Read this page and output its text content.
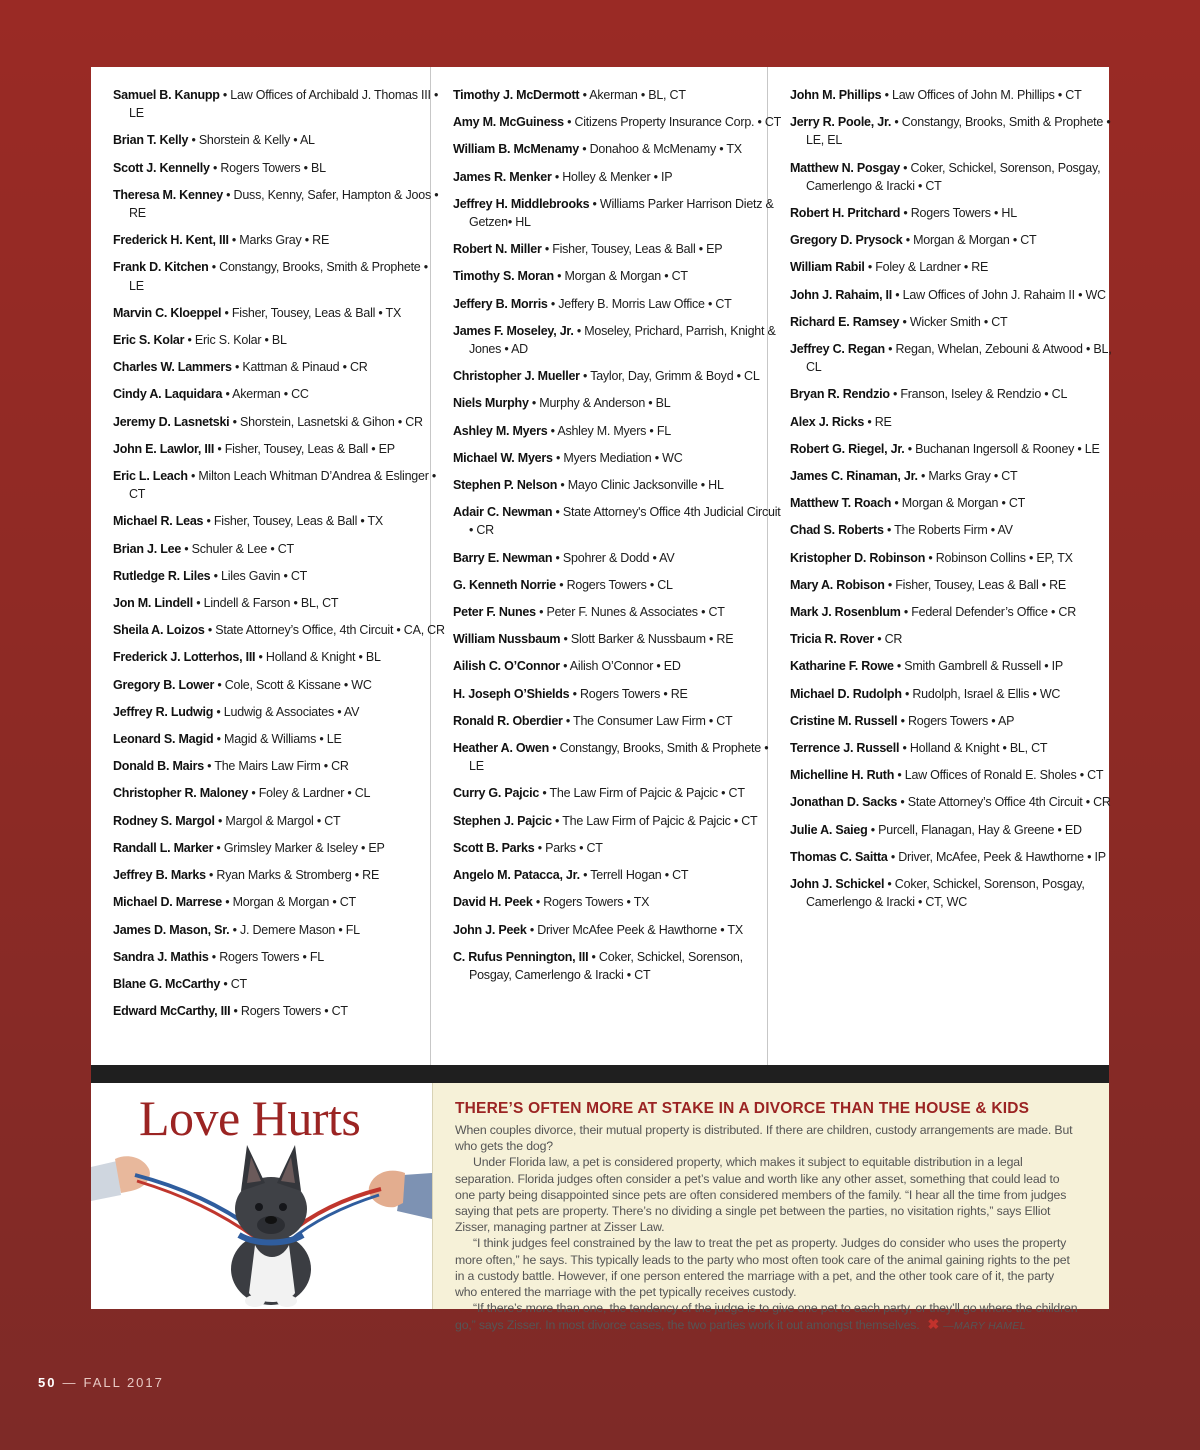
Samuel B. Kanupp • Law Offices of Archibald J. Thomas III • LE
Brian T. Kelly • Shorstein & Kelly • AL
Scott J. Kennelly • Rogers Towers • BL
Theresa M. Kenney • Duss, Kenny, Safer, Hampton & Joos • RE
Frederick H. Kent, III • Marks Gray • RE
Frank D. Kitchen • Constangy, Brooks, Smith & Prophete • LE
Marvin C. Kloeppel • Fisher, Tousey, Leas & Ball • TX
Eric S. Kolar • Eric S. Kolar • BL
Charles W. Lammers • Kattman & Pinaud • CR
Cindy A. Laquidara • Akerman • CC
Jeremy D. Lasnetski • Shorstein, Lasnetski & Gihon • CR
John E. Lawlor, III • Fisher, Tousey, Leas & Ball • EP
Eric L. Leach • Milton Leach Whitman D’Andrea & Eslinger • CT
Michael R. Leas • Fisher, Tousey, Leas & Ball • TX
Brian J. Lee • Schuler & Lee • CT
Rutledge R. Liles • Liles Gavin • CT
Jon M. Lindell • Lindell & Farson • BL, CT
Sheila A. Loizos • State Attorney’s Office, 4th Circuit • CA, CR
Frederick J. Lotterhos, III • Holland & Knight • BL
Gregory B. Lower • Cole, Scott & Kissane • WC
Jeffrey R. Ludwig • Ludwig & Associates • AV
Leonard S. Magid • Magid & Williams • LE
Donald B. Mairs • The Mairs Law Firm • CR
Christopher R. Maloney • Foley & Lardner • CL
Rodney S. Margol • Margol & Margol • CT
Randall L. Marker • Grimsley Marker & Iseley • EP
Jeffrey B. Marks • Ryan Marks & Stromberg • RE
Michael D. Marrese • Morgan & Morgan • CT
James D. Mason, Sr. • J. Demere Mason • FL
Sandra J. Mathis • Rogers Towers • FL
Blane G. McCarthy • CT
Edward McCarthy, III • Rogers Towers • CT
Timothy J. McDermott • Akerman • BL, CT
Amy M. McGuiness • Citizens Property Insurance Corp. • CT
William B. McMenamy • Donahoo & McMenamy • TX
James R. Menker • Holley & Menker • IP
Jeffrey H. Middlebrooks • Williams Parker Harrison Dietz & Getzen• HL
Robert N. Miller • Fisher, Tousey, Leas & Ball • EP
Timothy S. Moran • Morgan & Morgan • CT
Jeffery B. Morris • Jeffery B. Morris Law Office • CT
James F. Moseley, Jr. • Moseley, Prichard, Parrish, Knight & Jones • AD
Christopher J. Mueller • Taylor, Day, Grimm & Boyd • CL
Niels Murphy • Murphy & Anderson • BL
Ashley M. Myers • Ashley M. Myers • FL
Michael W. Myers • Myers Mediation • WC
Stephen P. Nelson • Mayo Clinic Jacksonville • HL
Adair C. Newman • State Attorney's Office 4th Judicial Circuit • CR
Barry E. Newman • Spohrer & Dodd • AV
G. Kenneth Norrie • Rogers Towers • CL
Peter F. Nunes • Peter F. Nunes & Associates • CT
William Nussbaum • Slott Barker & Nussbaum • RE
Ailish C. O’Connor • Ailish O’Connor • ED
H. Joseph O’Shields • Rogers Towers • RE
Ronald R. Oberdier • The Consumer Law Firm • CT
Heather A. Owen • Constangy, Brooks, Smith & Prophete • LE
Curry G. Pajcic • The Law Firm of Pajcic & Pajcic • CT
Stephen J. Pajcic • The Law Firm of Pajcic & Pajcic • CT
Scott B. Parks • Parks • CT
Angelo M. Patacca, Jr. • Terrell Hogan • CT
David H. Peek • Rogers Towers • TX
John J. Peek • Driver McAfee Peek & Hawthorne • TX
C. Rufus Pennington, III • Coker, Schickel, Sorenson, Posgay, Camerlengo & Iracki • CT
John M. Phillips • Law Offices of John M. Phillips • CT
Jerry R. Poole, Jr. • Constangy, Brooks, Smith & Prophete • LE, EL
Matthew N. Posgay • Coker, Schickel, Sorenson, Posgay, Camerlengo & Iracki • CT
Robert H. Pritchard • Rogers Towers • HL
Gregory D. Prysock • Morgan & Morgan • CT
William Rabil • Foley & Lardner • RE
John J. Rahaim, II • Law Offices of John J. Rahaim II • WC
Richard E. Ramsey • Wicker Smith • CT
Jeffrey C. Regan • Regan, Whelan, Zebouni & Atwood • BL, CL
Bryan R. Rendzio • Franson, Iseley & Rendzio • CL
Alex J. Ricks • RE
Robert G. Riegel, Jr. • Buchanan Ingersoll & Rooney • LE
James C. Rinaman, Jr. • Marks Gray • CT
Matthew T. Roach • Morgan & Morgan • CT
Chad S. Roberts • The Roberts Firm • AV
Kristopher D. Robinson • Robinson Collins • EP, TX
Mary A. Robison • Fisher, Tousey, Leas & Ball • RE
Mark J. Rosenblum • Federal Defender’s Office • CR
Tricia R. Rover • CR
Katharine F. Rowe • Smith Gambrell & Russell • IP
Michael D. Rudolph • Rudolph, Israel & Ellis • WC
Cristine M. Russell • Rogers Towers • AP
Terrence J. Russell • Holland & Knight • BL, CT
Michelline H. Ruth • Law Offices of Ronald E. Sholes • CT
Jonathan D. Sacks • State Attorney’s Office 4th Circuit • CR
Julie A. Saieg • Purcell, Flanagan, Hay & Greene • ED
Thomas C. Saitta • Driver, McAfee, Peek & Hawthorne • IP
John J. Schickel • Coker, Schickel, Sorenson, Posgay, Camerlengo & Iracki • CT, WC
Love Hurts	THERE’S OFTEN MORE AT STAKE IN A DIVORCE THAN THE HOUSE & KIDS

When couples divorce, their mutual property is distributed. If there are children, custody arrangements are made. But who gets the dog?

Under Florida law, a pet is considered property, which makes it subject to equitable distribution in a legal separation. Florida judges often consider a pet’s value and worth like any other asset, something that could lead to one party being disappointed since pets are often considered members of the family. “I hear all the time from judges saying that pets are property. There’s no dividing a single pet between the parties, no visitation rights,” says Elliot Zisser, managing partner at Zisser Law.

“I think judges feel constrained by the law to treat the pet as property. Judges do consider who uses the property more often,” he says. This typically leads to the party who most often took care of the animal gaining rights to the pet in a custody battle. However, if one person entered the marriage with a pet, and the other took care of it, the party who entered the marriage with the pet typically receives custody.

“If there’s more than one, the tendency of the judge is to give one pet to each party, or they’ll go where the children go,” says Zisser. In most divorce cases, the two parties work it out amongst themselves. ✖ —MARY HAMEL

50 — FALL 2017
